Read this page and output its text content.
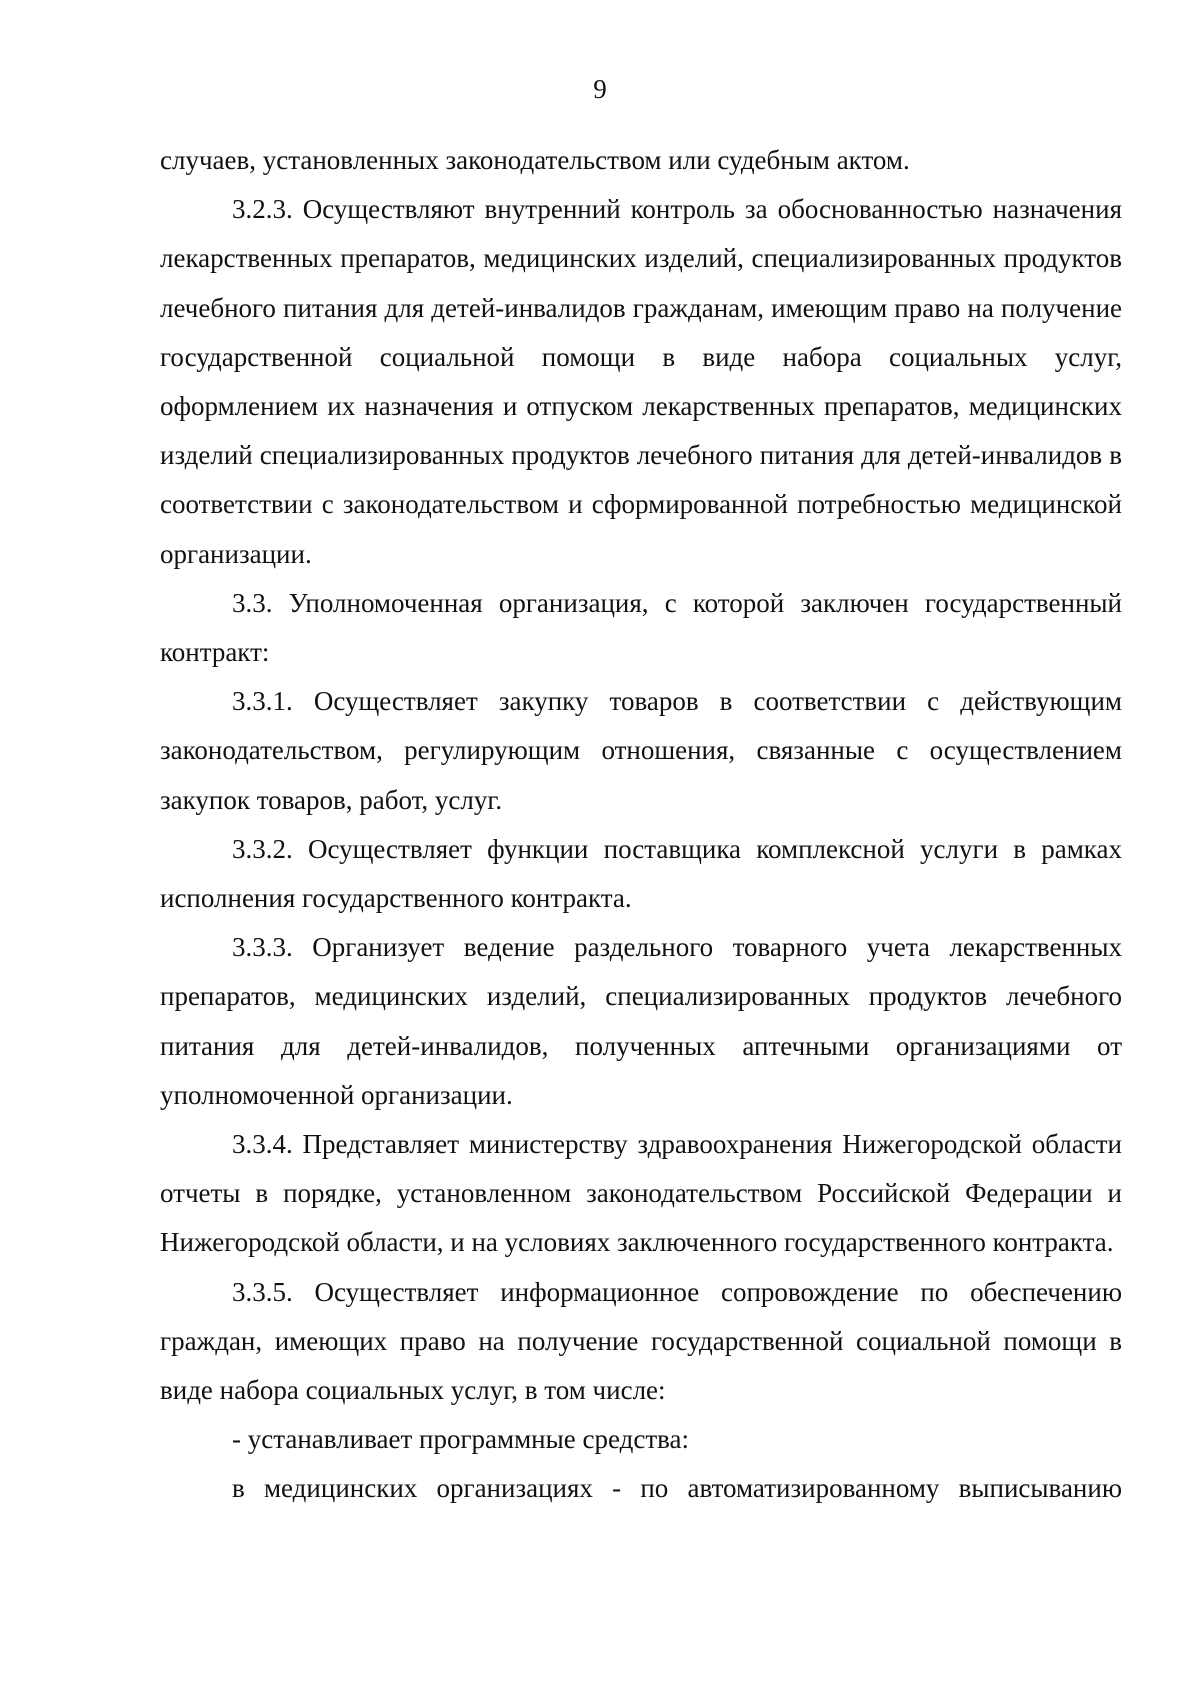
9

случаев, установленных законодательством или судебным актом.

3.2.3. Осуществляют внутренний контроль за обоснованностью назначения лекарственных препаратов, медицинских изделий, специализированных продуктов лечебного питания для детей-инвалидов гражданам, имеющим право на получение государственной социальной помощи в виде набора социальных услуг, оформлением их назначения и отпуском лекарственных препаратов, медицинских изделий специализированных продуктов лечебного питания для детей-инвалидов в соответствии с законодательством и сформированной потребностью медицинской организации.

3.3. Уполномоченная организация, с которой заключен государственный контракт:

3.3.1. Осуществляет закупку товаров в соответствии с действующим законодательством, регулирующим отношения, связанные с осуществлением закупок товаров, работ, услуг.

3.3.2. Осуществляет функции поставщика комплексной услуги в рамках исполнения государственного контракта.

3.3.3. Организует ведение раздельного товарного учета лекарственных препаратов, медицинских изделий, специализированных продуктов лечебного питания для детей-инвалидов, полученных аптечными организациями от уполномоченной организации.

3.3.4. Представляет министерству здравоохранения Нижегородской области отчеты в порядке, установленном законодательством Российской Федерации и Нижегородской области, и на условиях заключенного государственного контракта.

3.3.5. Осуществляет информационное сопровождение по обеспечению граждан, имеющих право на получение государственной социальной помощи в виде набора социальных услуг, в том числе:

- устанавливает программные средства:

в медицинских организациях - по автоматизированному выписыванию
